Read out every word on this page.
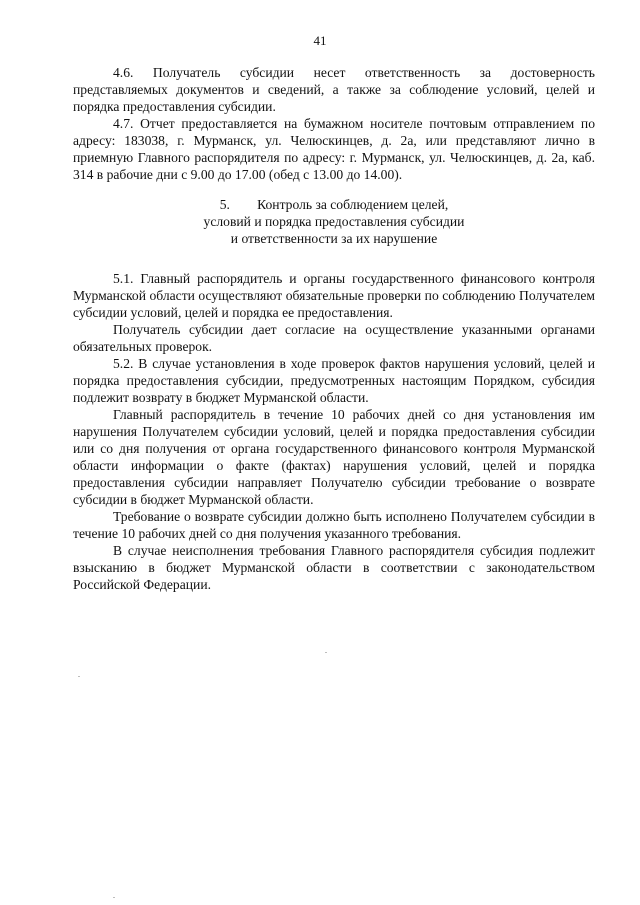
41

4.6. Получатель субсидии несет ответственность за достоверность представляемых документов и сведений, а также за соблюдение условий, целей и порядка предоставления субсидии.

4.7. Отчет предоставляется на бумажном носителе почтовым отправлением по адресу: 183038, г. Мурманск, ул. Челюскинцев, д. 2а, или представляют лично в приемную Главного распорядителя по адресу: г. Мурманск, ул. Челюскинцев, д. 2а, каб. 314 в рабочие дни с 9.00 до 17.00 (обед с 13.00 до 14.00).

5.        Контроль за соблюдением целей,
условий и порядка предоставления субсидии
и ответственности за их нарушение

5.1. Главный распорядитель и органы государственного финансового контроля Мурманской области осуществляют обязательные проверки по соблюдению Получателем субсидии условий, целей и порядка ее предоставления.

Получатель субсидии дает согласие на осуществление указанными органами обязательных проверок.

5.2. В случае установления в ходе проверок фактов нарушения условий, целей и порядка предоставления субсидии, предусмотренных настоящим Порядком, субсидия подлежит возврату в бюджет Мурманской области.

Главный распорядитель в течение 10 рабочих дней со дня установления им нарушения Получателем субсидии условий, целей и порядка предоставления субсидии или со дня получения от органа государственного финансового контроля Мурманской области информации о факте (фактах) нарушения условий, целей и порядка предоставления субсидии направляет Получателю субсидии требование о возврате субсидии в бюджет Мурманской области.

Требование о возврате субсидии должно быть исполнено Получателем субсидии в течение 10 рабочих дней со дня получения указанного требования.

В случае неисполнения требования Главного распорядителя субсидия подлежит взысканию в бюджет Мурманской области в соответствии с законодательством Российской Федерации.
